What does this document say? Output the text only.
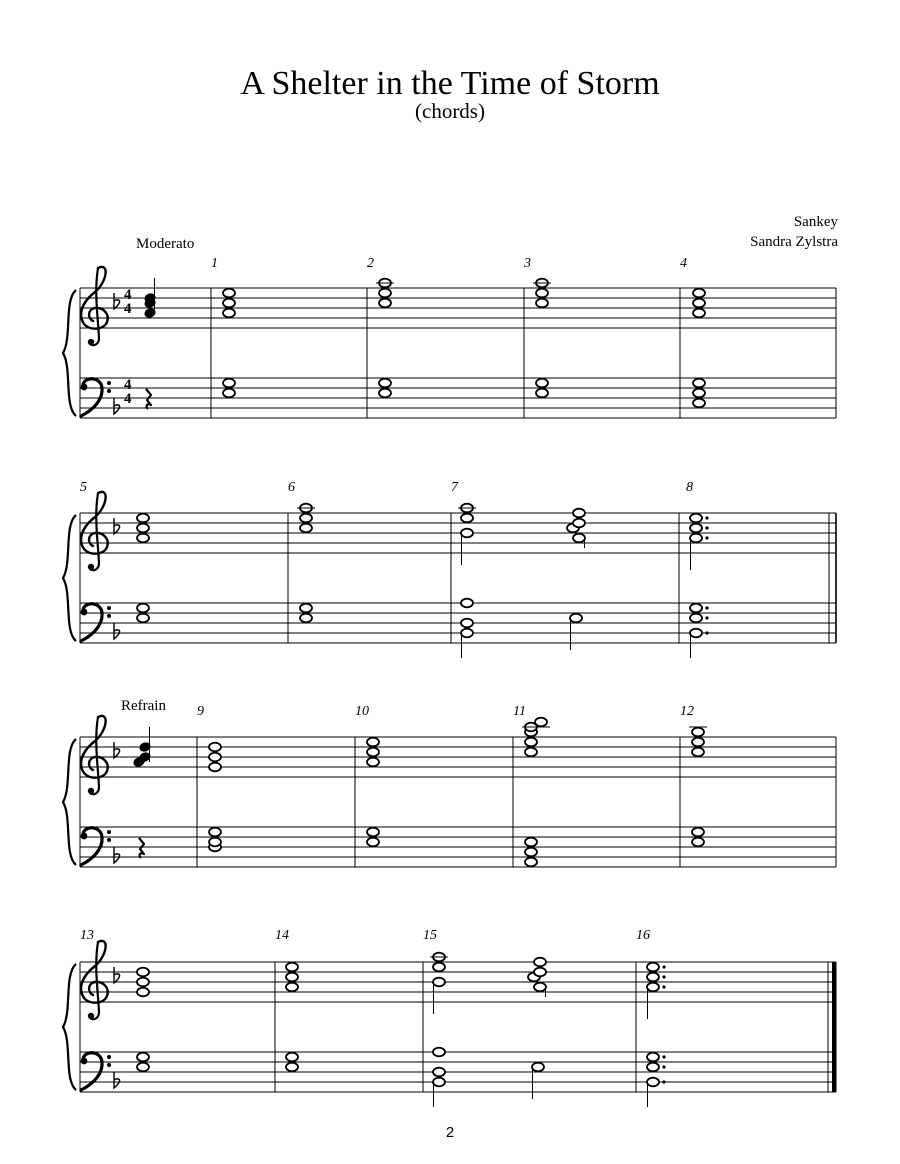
A Shelter in the Time of Storm
(chords)
Sankey
Sandra Zylstra
4
4
4
4
Moderato
Refrain
1	2	3	4
5	6	7	8
9	10	11	12
13	14	15	16
2
